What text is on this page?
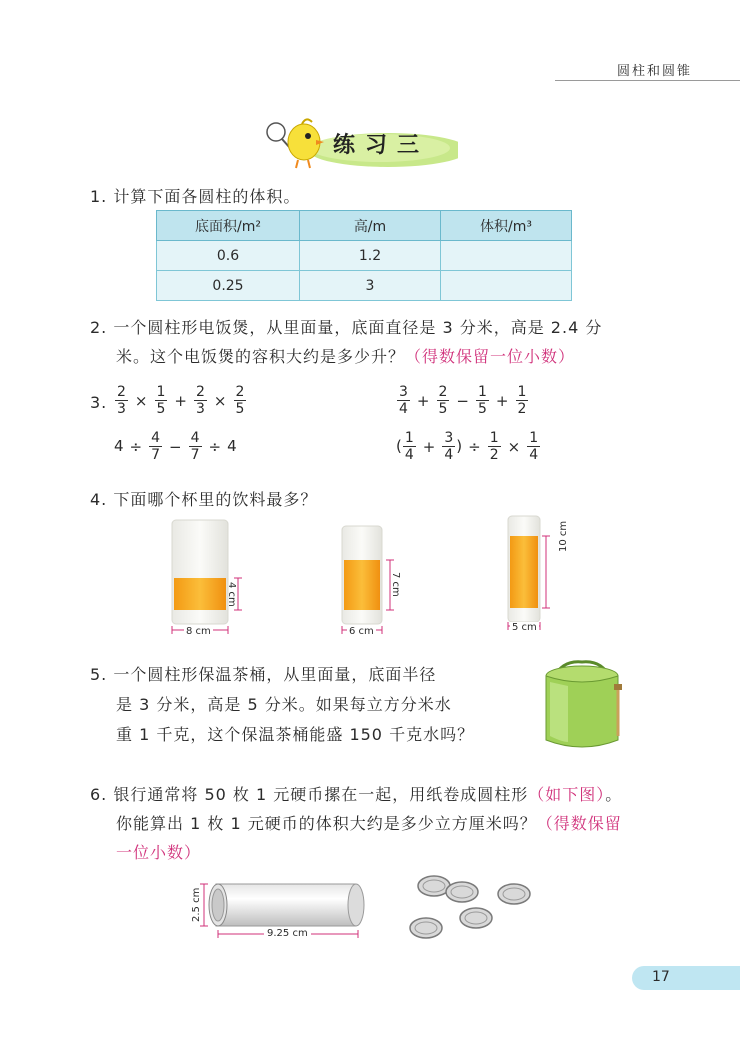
圆柱和圆锥
练习三
1. 计算下面各圆柱的体积。
底面积/m²	高/m	体积/m³
0.6	1.2	
0.25	3	
2. 一个圆柱形电饭煲，从里面量，底面直径是 3 分米，高是 2.4 分
米。这个电饭煲的容积大约是多少升？（得数保留一位小数）
3. $\frac{2}{3} \times \frac{1}{5} + \frac{2}{3} \times \frac{2}{5}$	$\frac{3}{4} + \frac{2}{5} - \frac{1}{5} + \frac{1}{2}$
$4 \div \frac{4}{7} - \frac{4}{7} \div 4$	( $\frac{1}{4} + \frac{3}{4}$ ) ÷ $\frac{1}{2} \times \frac{1}{4}$
4. 下面哪个杯里的饮料最多？
4 cm
8 cm
7 cm
6 cm
10 cm
5 cm
5. 一个圆柱形保温茶桶，从里面量，底面半径
是 3 分米，高是 5 分米。如果每立方分米水
重 1 千克，这个保温茶桶能盛 150 千克水吗？
6. 银行通常将 50 枚 1 元硬币摞在一起，用纸卷成圆柱形（如下图）。
你能算出 1 枚 1 元硬币的体积大约是多少立方厘米吗？（得数保留
一位小数）
2.5 cm
9.25 cm
17
